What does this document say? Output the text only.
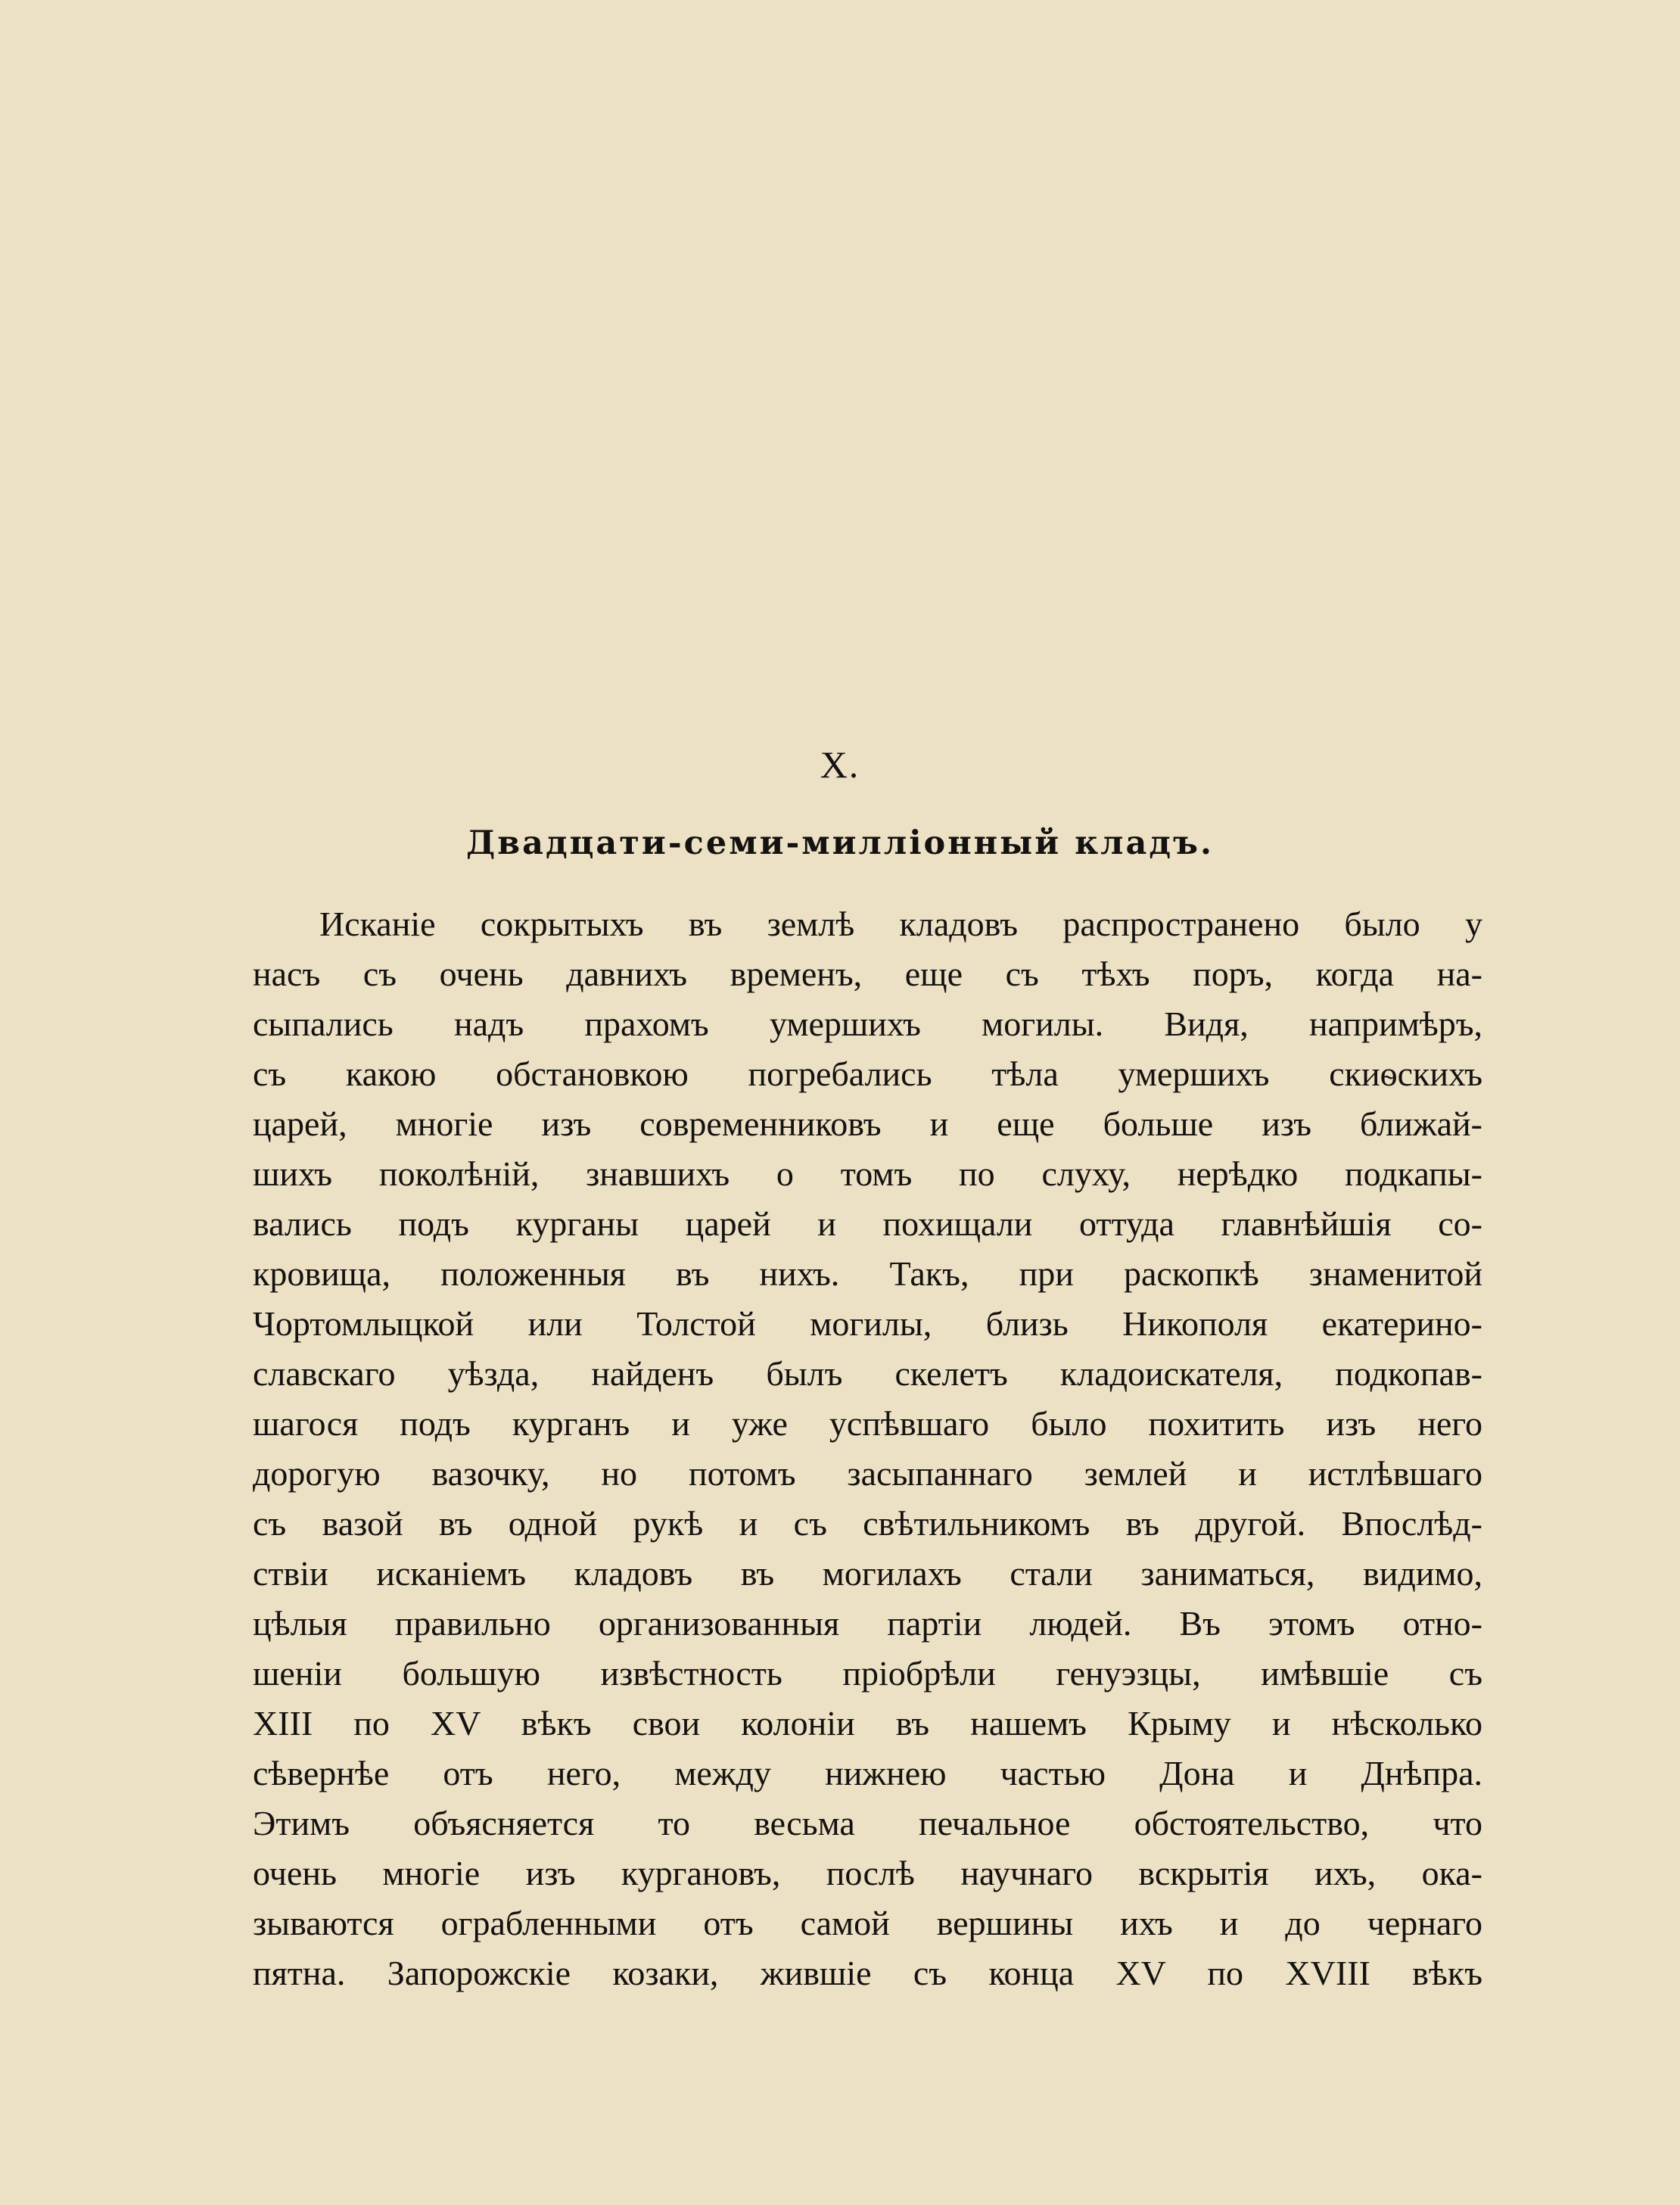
X.
Двадцати-семи-милліонный кладъ.
Исканіе сокрытыхъ въ землѣ кладовъ распространено было у
насъ съ очень давнихъ временъ, еще съ тѣхъ поръ, когда на-
сыпались надъ прахомъ умершихъ могилы. Видя, напримѣръ,
съ какою обстановкою погребались тѣла умершихъ скиѳскихъ
царей, многіе изъ современниковъ и еще больше изъ ближай-
шихъ поколѣній, знавшихъ о томъ по слуху, нерѣдко подкапы-
вались подъ курганы царей и похищали оттуда главнѣйшія со-
кровища, положенныя въ нихъ. Такъ, при раскопкѣ знаменитой
Чортомлыцкой или Толстой могилы, близь Никополя екатерино-
славскаго уѣзда, найденъ былъ скелетъ кладоискателя, подкопав-
шагося подъ курганъ и уже успѣвшаго было похитить изъ него
дорогую вазочку, но потомъ засыпаннаго землей и истлѣвшаго
съ вазой въ одной рукѣ и съ свѣтильникомъ въ другой. Впослѣд-
ствіи исканіемъ кладовъ въ могилахъ стали заниматься, видимо,
цѣлыя правильно организованныя партіи людей. Въ этомъ отно-
шеніи большую извѣстность пріобрѣли генуэзцы, имѣвшіе съ
XIII по XV вѣкъ свои колоніи въ нашемъ Крыму и нѣсколько
сѣвернѣе отъ него, между нижнею частью Дона и Днѣпра.
Этимъ объясняется то весьма печальное обстоятельство, что
очень многіе изъ кургановъ, послѣ научнаго вскрытія ихъ, ока-
зываются ограбленными отъ самой вершины ихъ и до чернаго
пятна. Запорожскіе козаки, жившіе съ конца XV по XVIII вѣкъ
